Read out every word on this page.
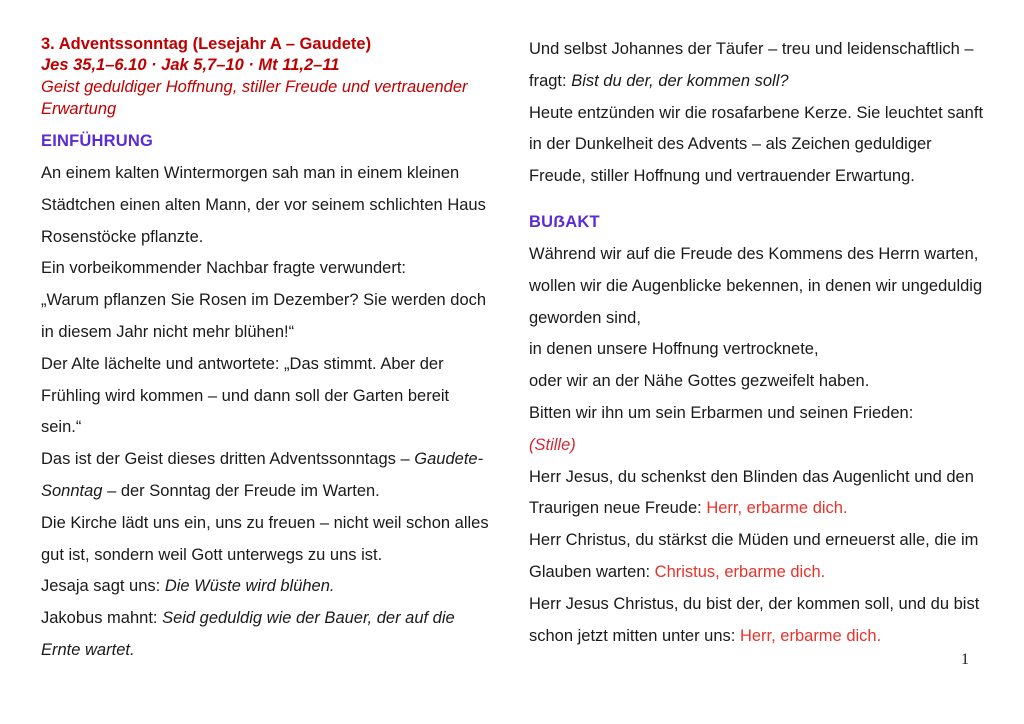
3. Adventssonntag (Lesejahr A – Gaudete)
Jes 35,1–6.10 · Jak 5,7–10 · Mt 11,2–11
Geist geduldiger Hoffnung, stiller Freude und vertrauender Erwartung
EINFÜHRUNG

An einem kalten Wintermorgen sah man in einem kleinen Städtchen einen alten Mann, der vor seinem schlichten Haus Rosenstöcke pflanzte.

Ein vorbeikommender Nachbar fragte verwundert:

„Warum pflanzen Sie Rosen im Dezember? Sie werden doch in diesem Jahr nicht mehr blühen!“

Der Alte lächelte und antwortete: „Das stimmt. Aber der Frühling wird kommen – und dann soll der Garten bereit sein.“

Das ist der Geist dieses dritten Adventssonntags – Gaudete-Sonntag – der Sonntag der Freude im Warten.

Die Kirche lädt uns ein, uns zu freuen – nicht weil schon alles gut ist, sondern weil Gott unterwegs zu uns ist.

Jesaja sagt uns: Die Wüste wird blühen.

Jakobus mahnt: Seid geduldig wie der Bauer, der auf die Ernte wartet.

Und selbst Johannes der Täufer – treu und leidenschaftlich – fragt: Bist du der, der kommen soll?

Heute entzünden wir die rosafarbene Kerze. Sie leuchtet sanft in der Dunkelheit des Advents – als Zeichen geduldiger Freude, stiller Hoffnung und vertrauender Erwartung.

BUẞAKT

Während wir auf die Freude des Kommens des Herrn warten, wollen wir die Augenblicke bekennen, in denen wir ungeduldig geworden sind,

in denen unsere Hoffnung vertrocknete,

oder wir an der Nähe Gottes gezweifelt haben.

Bitten wir ihn um sein Erbarmen und seinen Frieden:

(Stille)

Herr Jesus, du schenkst den Blinden das Augenlicht und den Traurigen neue Freude: Herr, erbarme dich.

Herr Christus, du stärkst die Müden und erneuerst alle, die im Glauben warten: Christus, erbarme dich.

Herr Jesus Christus, du bist der, der kommen soll, und du bist schon jetzt mitten unter uns: Herr, erbarme dich.

1
